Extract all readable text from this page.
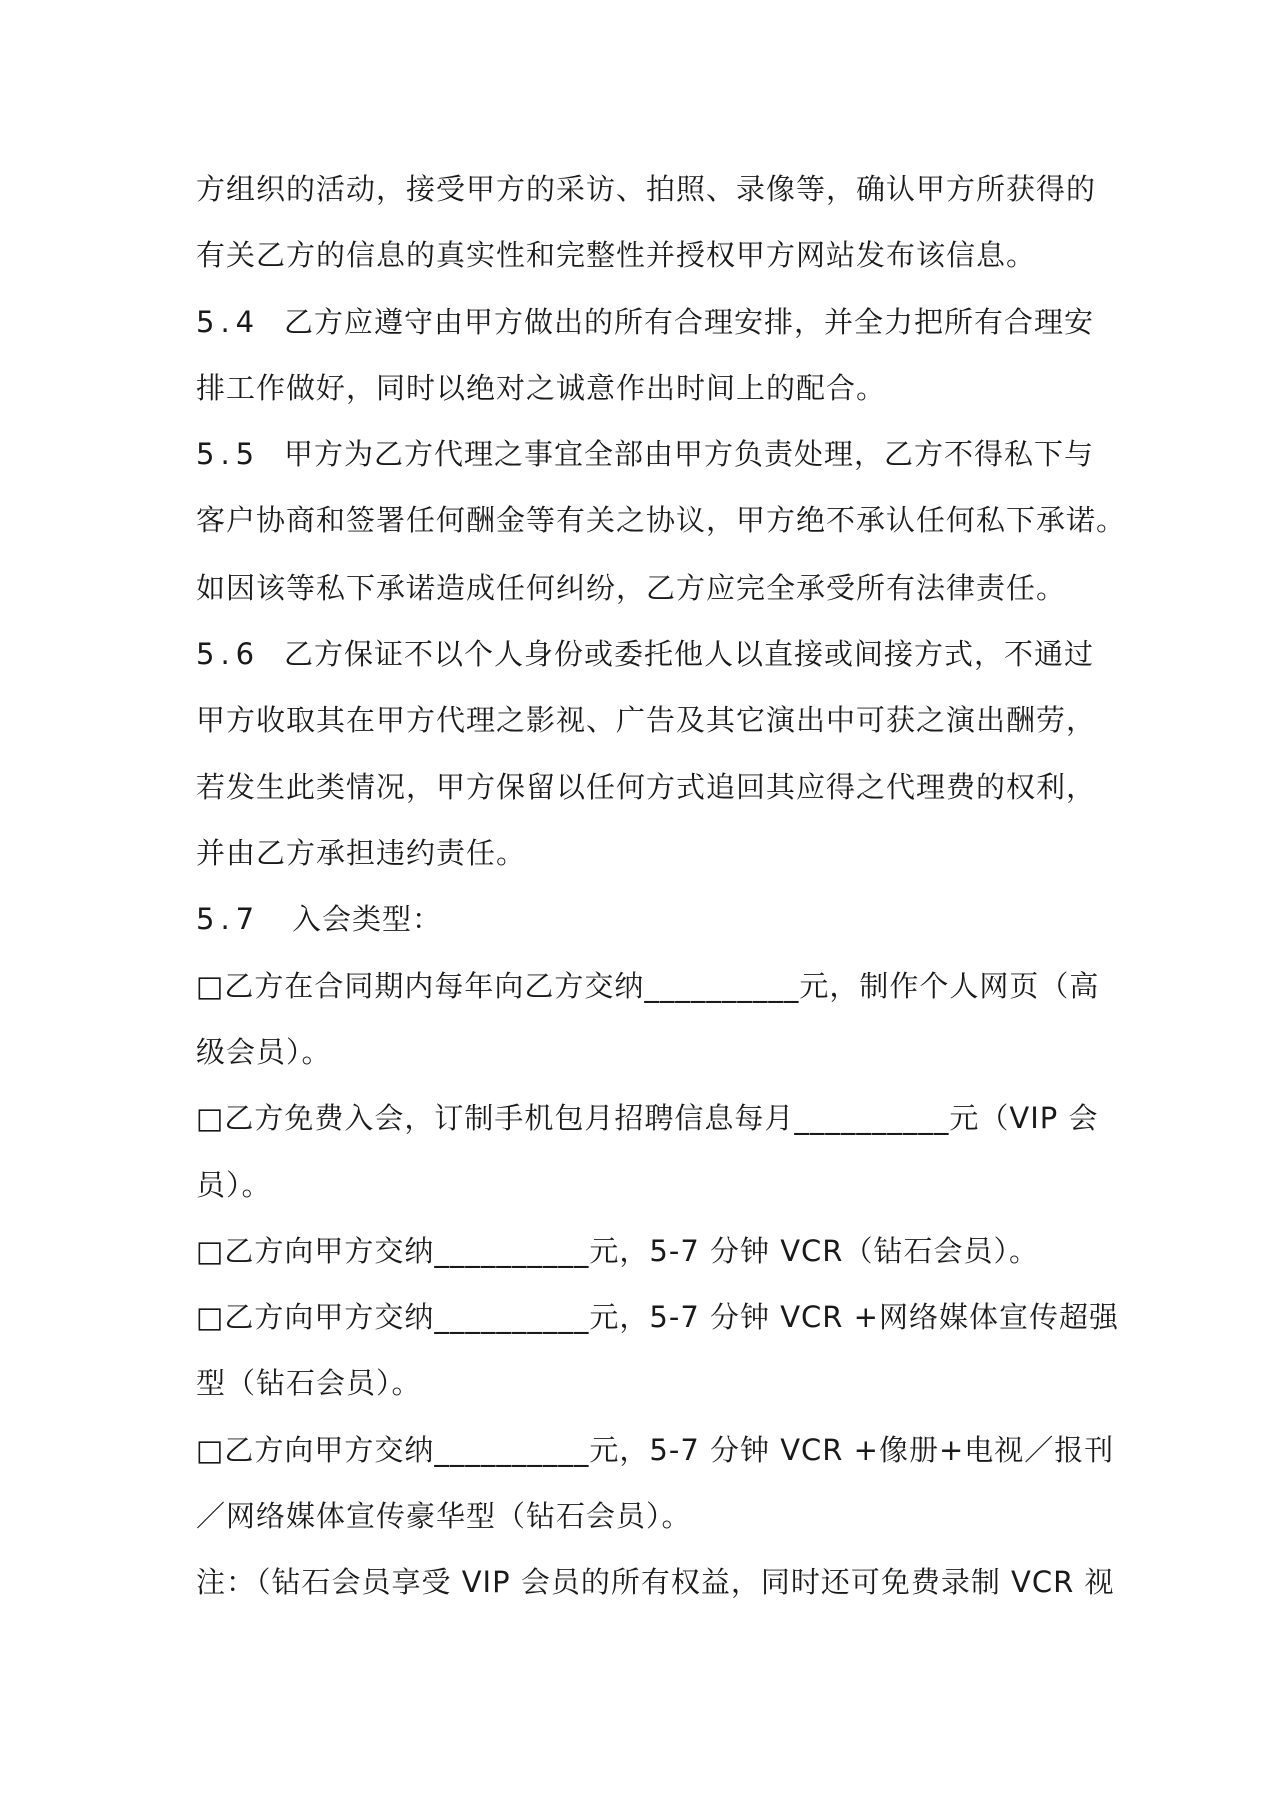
方组织的活动，接受甲方的采访、拍照、录像等，确认甲方所获得的
有关乙方的信息的真实性和完整性并授权甲方网站发布该信息。
5.4 乙方应遵守由甲方做出的所有合理安排，并全力把所有合理安
排工作做好，同时以绝对之诚意作出时间上的配合。
5.5 甲方为乙方代理之事宜全部由甲方负责处理，乙方不得私下与
客户协商和签署任何酬金等有关之协议，甲方绝不承认任何私下承诺。
如因该等私下承诺造成任何纠纷，乙方应完全承受所有法律责任。
5.6 乙方保证不以个人身份或委托他人以直接或间接方式，不通过
甲方收取其在甲方代理之影视、广告及其它演出中可获之演出酬劳，
若发生此类情况，甲方保留以任何方式追回其应得之代理费的权利，
并由乙方承担违约责任。
5.7 入会类型：
□乙方在合同期内每年向乙方交纳__________元，制作个人网页（高
级会员）。
□乙方免费入会，订制手机包月招聘信息每月__________元（VIP 会
员）。
□乙方向甲方交纳__________元，5-7 分钟 VCR（钻石会员）。
□乙方向甲方交纳__________元，5-7 分钟 VCR +网络媒体宣传超强
型（钻石会员）。
□乙方向甲方交纳__________元，5-7 分钟 VCR +像册+电视／报刊
／网络媒体宣传豪华型（钻石会员）。
注：（钻石会员享受 VIP 会员的所有权益，同时还可免费录制 VCR 视
